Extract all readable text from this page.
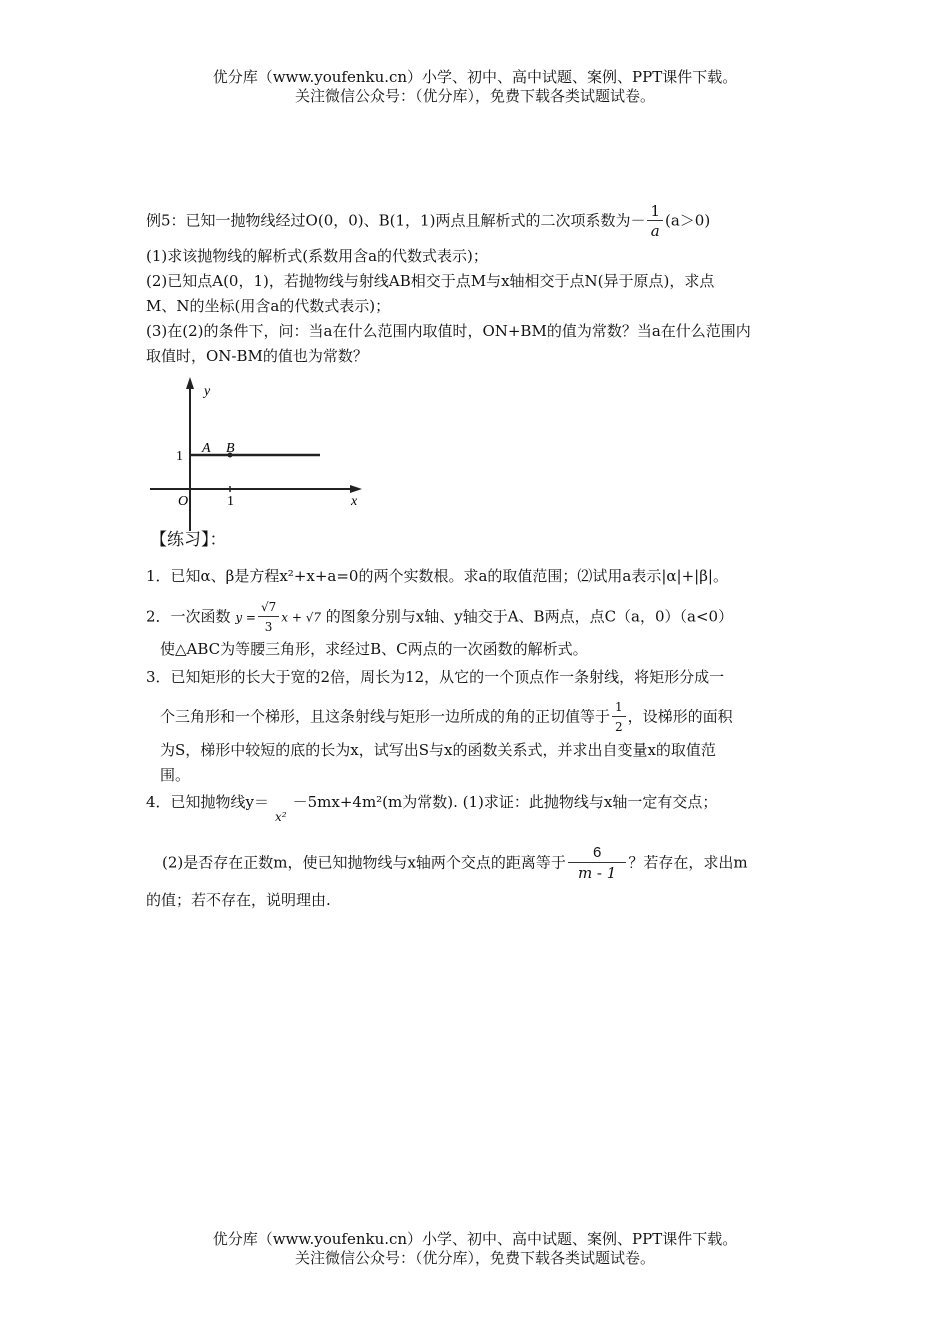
优分库（www.youfenku.cn）小学、初中、高中试题、案例、PPT课件下载。
关注微信公众号：（优分库），免费下载各类试题试卷。
例5：已知一抛物线经过O(0，0)、B(1，1)两点且解析式的二次项系数为－ $\frac{1}{a} (a>0)$
(1)求该抛物线的解析式(系数用含a的代数式表示)；
(2)已知点A(0，1)，若抛物线与射线AB相交于点M与x轴相交于点N(异于原点)，求点
M、N的坐标(用含a的代数式表示)；
(3)在(2)的条件下，问：当a在什么范围内取值时，ON+BM的值为常数？当a在什么范围内
取值时，ON-BM的值也为常数？
y
A B
1
O	1	x
【练习】：
1．已知α、β是方程x²+x+a=0的两个实数根。求a的取值范围；⑵试用a表示|α|+|β|。
2．一次函数 $y = \frac{√7}{3}$ x + √7 的图象分别与x轴、y轴交于A、B两点，点C（a，0）（a<0）
使△ABC为等腰三角形，求经过B、C两点的一次函数的解析式。
3．已知矩形的长大于宽的2倍，周长为12，从它的一个顶点作一条射线，将矩形分成一
个三角形和一个梯形，且这条射线与矩形一边所成的角的正切值等于 $\frac{1}{2}$ ，设梯形的面积
为S，梯形中较短的底的长为x，试写出S与x的函数关系式，并求出自变量x的取值范
围。
4．已知抛物线$y=_{x^2}-5mx+4m^2(m$为常数). (1)求证：此抛物线与x轴一定有交点；
(2)是否存在正数m，使已知抛物线与x轴两个交点的距离等于 $\frac{6}{m - 1}$ ？若存在，求出m
的值；若不存在，说明理由.
优分库（www.youfenku.cn）小学、初中、高中试题、案例、PPT课件下载。
关注微信公众号：（优分库），免费下载各类试题试卷。
